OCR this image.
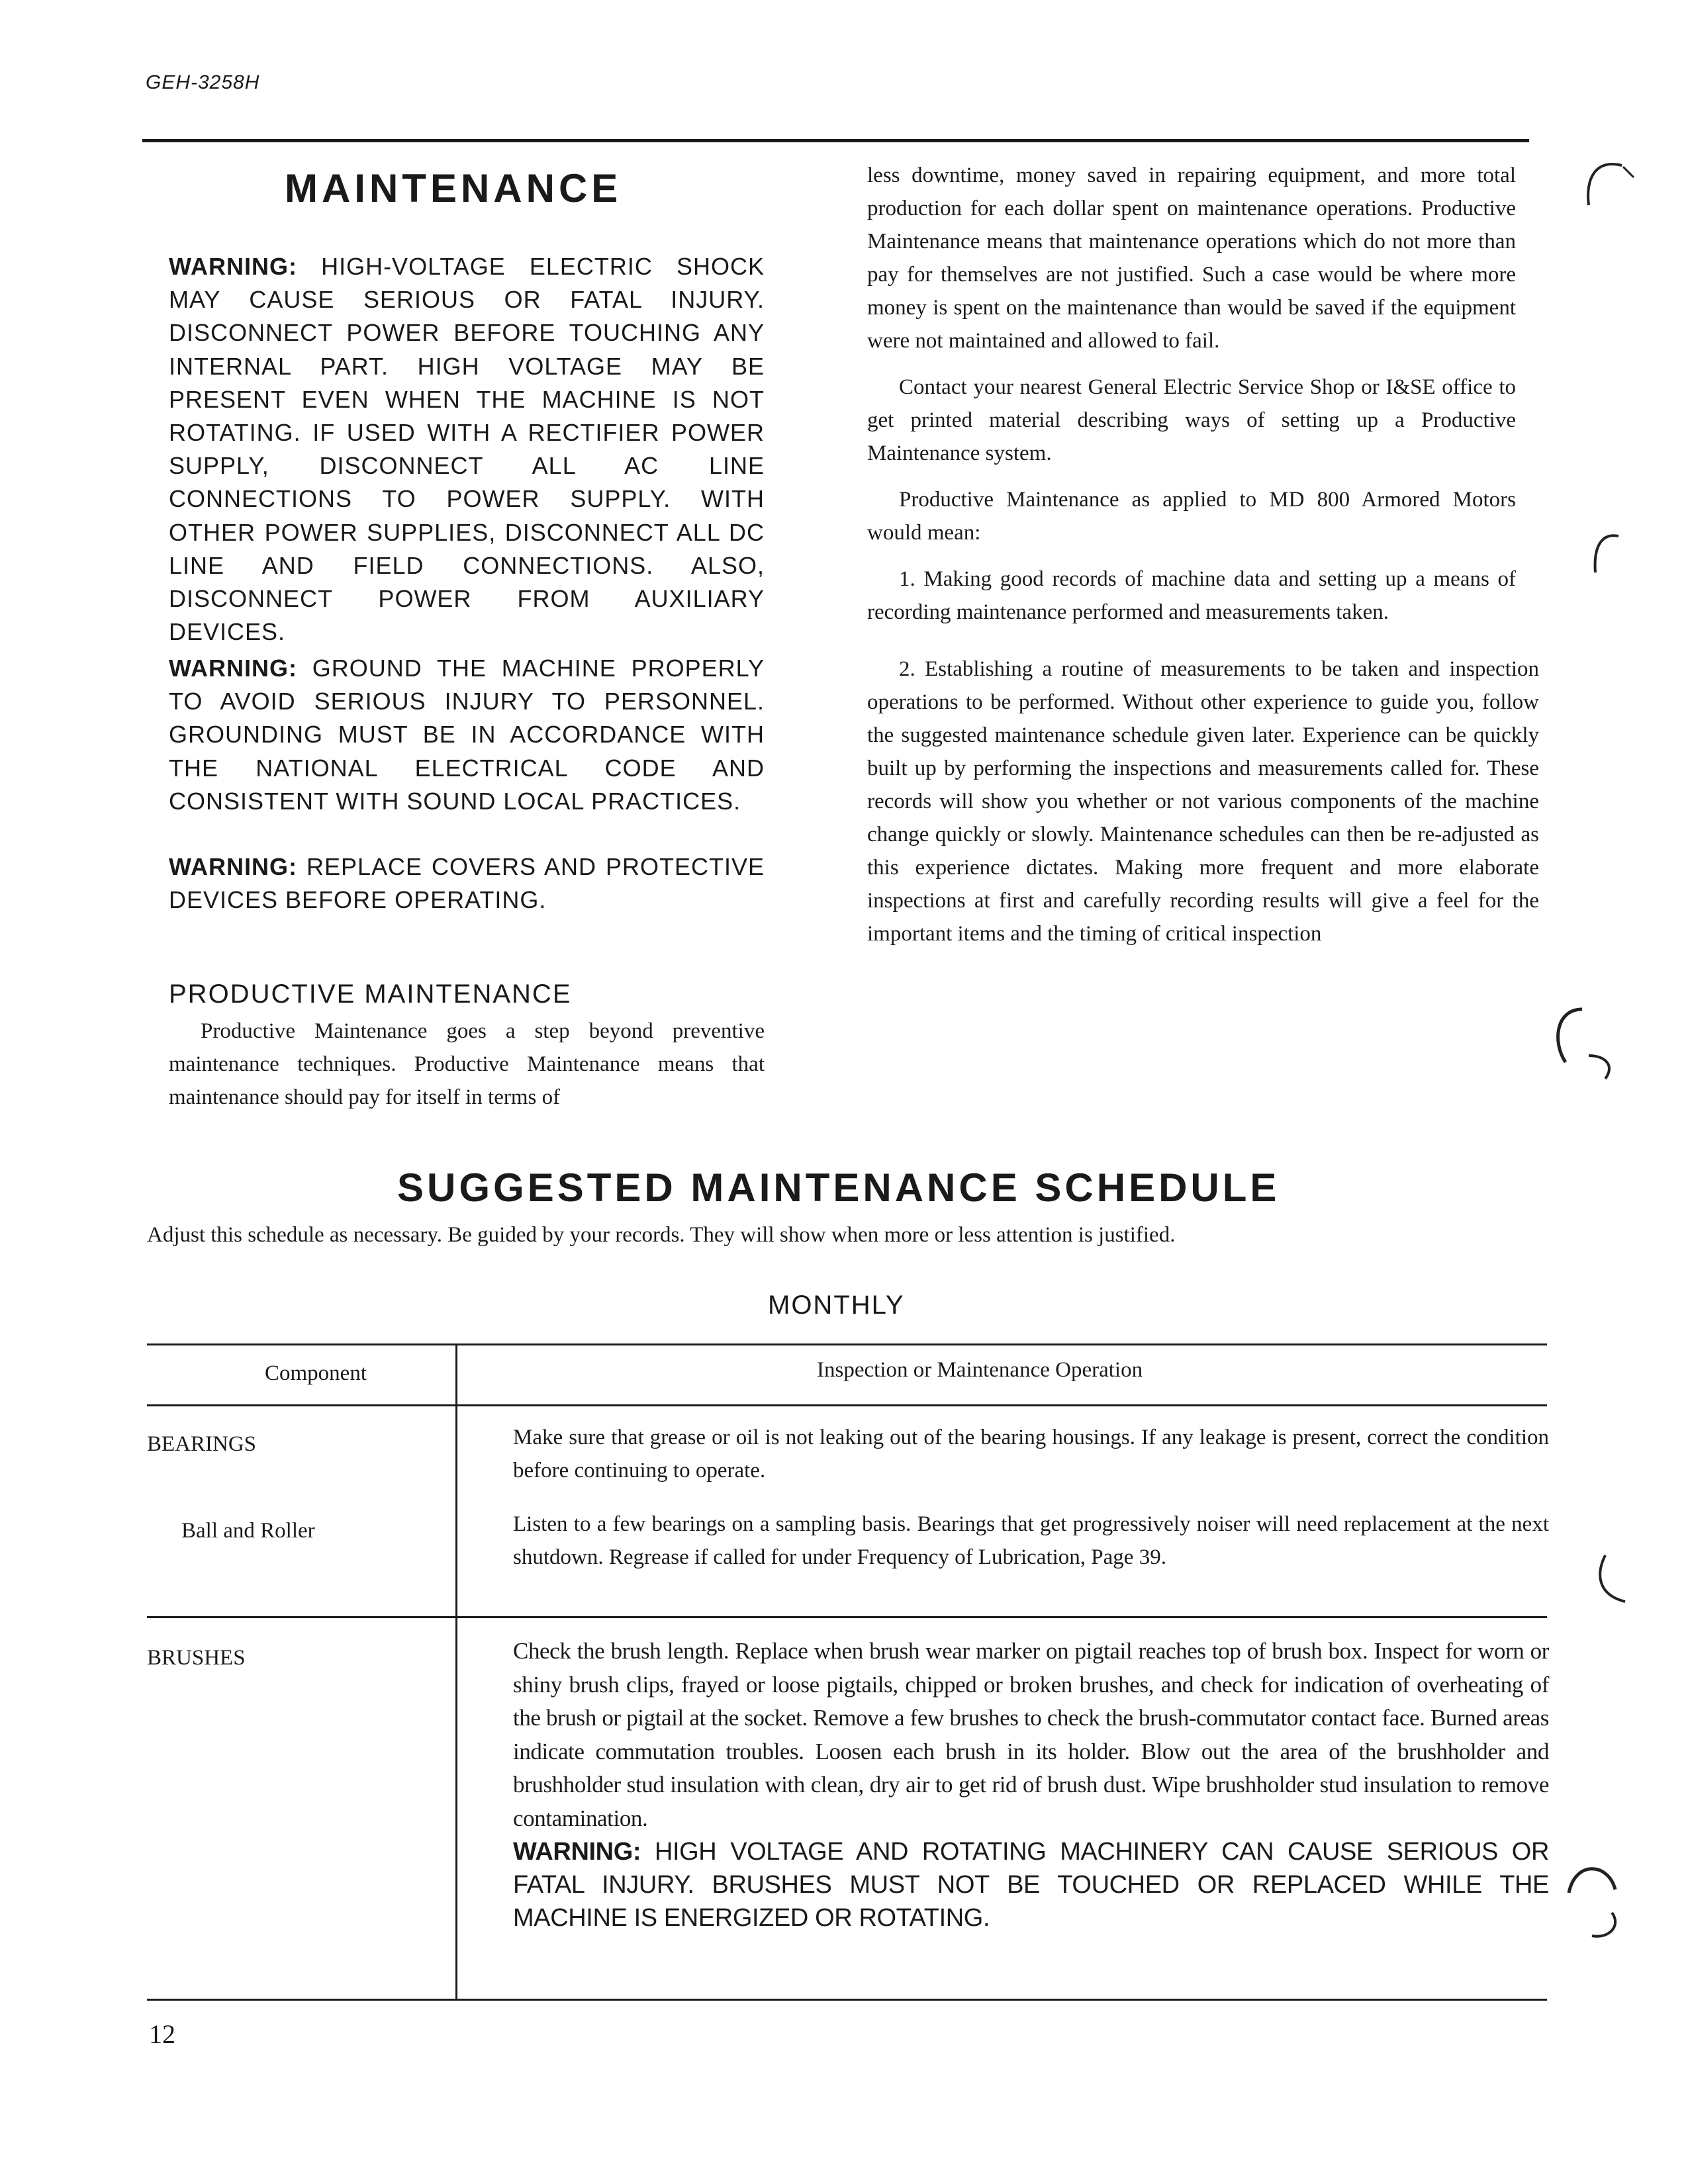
GEH-3258H
MAINTENANCE

WARNING: HIGH-VOLTAGE ELECTRIC SHOCK MAY CAUSE SERIOUS OR FATAL INJURY. DISCONNECT POWER BEFORE TOUCHING ANY INTERNAL PART. HIGH VOLTAGE MAY BE PRESENT EVEN WHEN THE MACHINE IS NOT ROTATING. IF USED WITH A RECTIFIER POWER SUPPLY, DISCONNECT ALL AC LINE CONNECTIONS TO POWER SUPPLY. WITH OTHER POWER SUPPLIES, DISCONNECT ALL DC LINE AND FIELD CONNECTIONS. ALSO, DISCONNECT POWER FROM AUXILIARY DEVICES.

WARNING: GROUND THE MACHINE PROPERLY TO AVOID SERIOUS INJURY TO PERSONNEL. GROUNDING MUST BE IN ACCORDANCE WITH THE NATIONAL ELECTRICAL CODE AND CONSISTENT WITH SOUND LOCAL PRACTICES.

WARNING: REPLACE COVERS AND PROTECTIVE DEVICES BEFORE OPERATING.

PRODUCTIVE MAINTENANCE

Productive Maintenance goes a step beyond preventive maintenance techniques. Productive Maintenance means that maintenance should pay for itself in terms of

less downtime, money saved in repairing equipment, and more total production for each dollar spent on maintenance operations. Productive Maintenance means that maintenance operations which do not more than pay for themselves are not justified. Such a case would be where more money is spent on the maintenance than would be saved if the equipment were not maintained and allowed to fail.

Contact your nearest General Electric Service Shop or I&SE office to get printed material describing ways of setting up a Productive Maintenance system.

Productive Maintenance as applied to MD 800 Armored Motors would mean:

1. Making good records of machine data and setting up a means of recording maintenance performed and measurements taken.

2. Establishing a routine of measurements to be taken and inspection operations to be performed. Without other experience to guide you, follow the suggested maintenance schedule given later. Experience can be quickly built up by performing the inspections and measurements called for. These records will show you whether or not various components of the machine change quickly or slowly. Maintenance schedules can then be re-adjusted as this experience dictates. Making more frequent and more elaborate inspections at first and carefully recording results will give a feel for the important items and the timing of critical inspection

SUGGESTED MAINTENANCE SCHEDULE
Adjust this schedule as necessary. Be guided by your records. They will show when more or less attention is justified.
MONTHLY
Component	Inspection or Maintenance Operation
BEARINGS	Make sure that grease or oil is not leaking out of the bearing housings. If any leakage is present, correct the condition before continuing to operate.
Ball and Roller	Listen to a few bearings on a sampling basis. Bearings that get progressively noiser will need replacement at the next shutdown. Regrease if called for under Frequency of Lubrication, Page 39.
BRUSHES	Check the brush length. Replace when brush wear marker on pigtail reaches top of brush box. Inspect for worn or shiny brush clips, frayed or loose pigtails, chipped or broken brushes, and check for indication of overheating of the brush or pigtail at the socket. Remove a few brushes to check the brush-commutator contact face. Burned areas indicate commutation troubles. Loosen each brush in its holder. Blow out the area of the brushholder and brushholder stud insulation with clean, dry air to get rid of brush dust. Wipe brushholder stud insulation to remove contamination.
WARNING: HIGH VOLTAGE AND ROTATING MACHINERY CAN CAUSE SERIOUS OR FATAL INJURY. BRUSHES MUST NOT BE TOUCHED OR REPLACED WHILE THE MACHINE IS ENERGIZED OR ROTATING.
12
